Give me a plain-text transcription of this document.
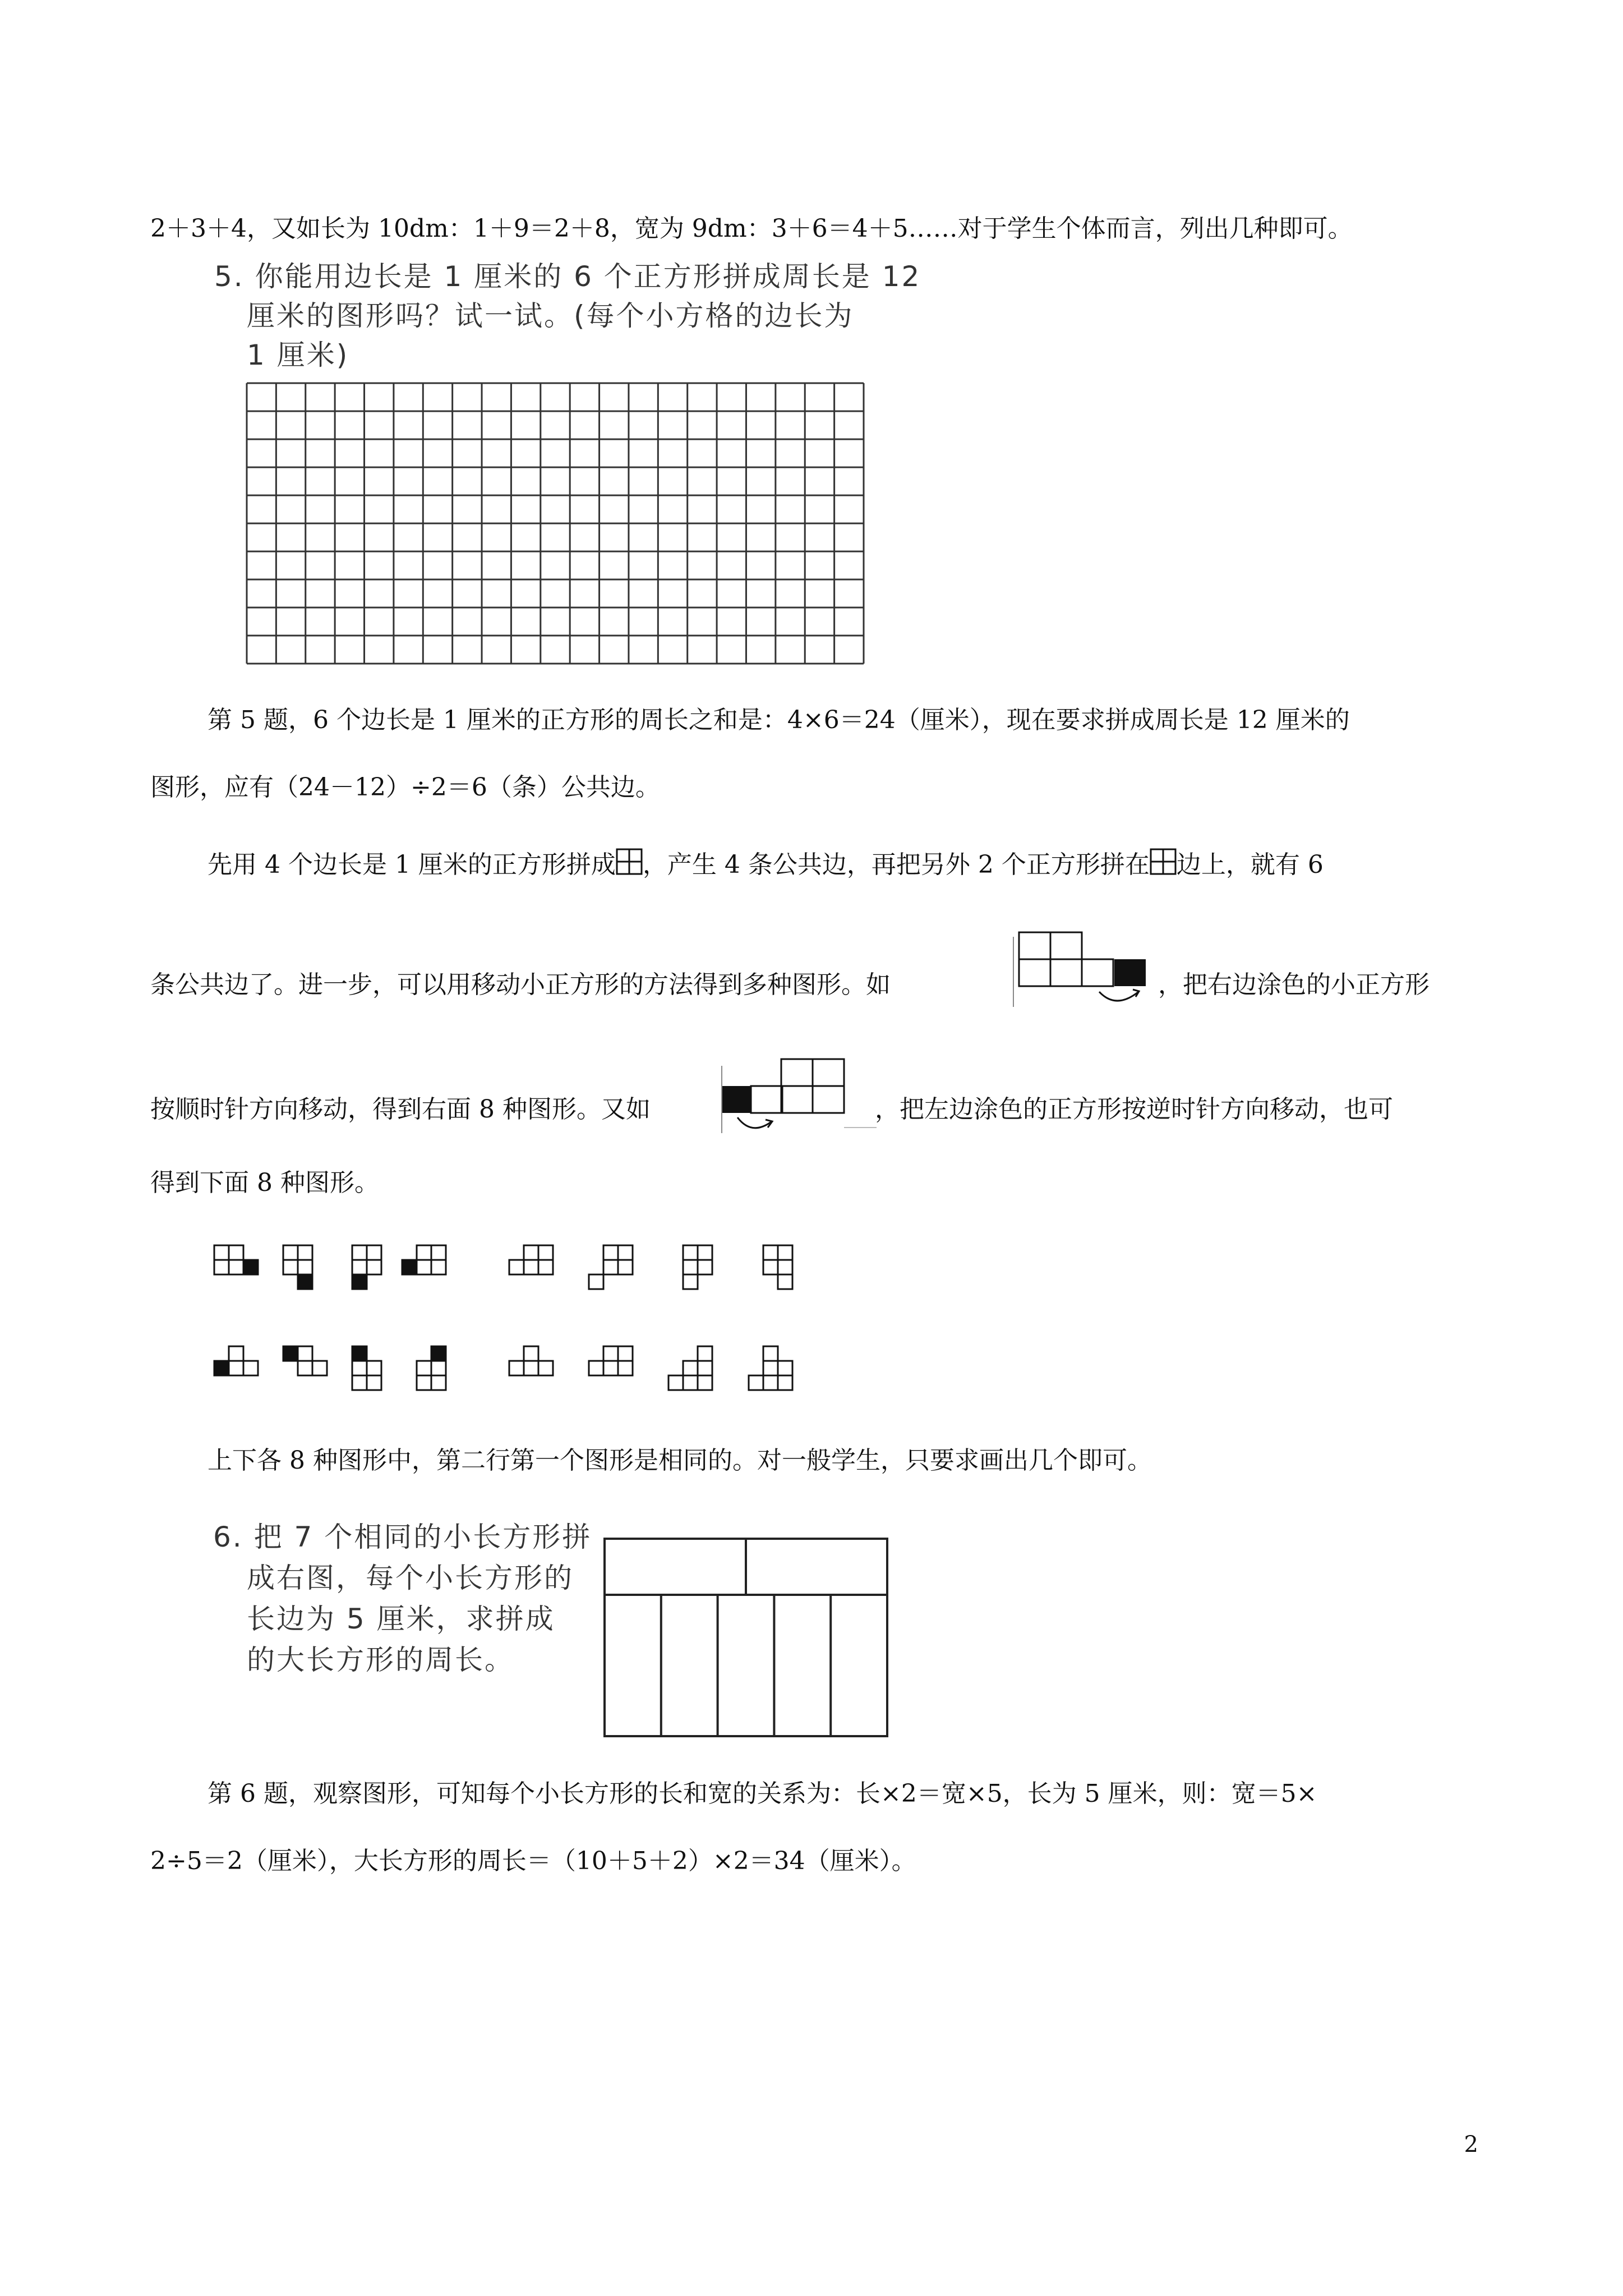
2＋3＋4，又如长为 10dm：1＋9＝2＋8，宽为 9dm：3＋6＝4＋5……对于学生个体而言，列出几种即可。
5. 你能用边长是 1 厘米的 6 个正方形拼成周长是 12
厘米的图形吗？试一试。(每个小方格的边长为
1 厘米)
第 5 题，6 个边长是 1 厘米的正方形的周长之和是：4×6＝24（厘米），现在要求拼成周长是 12 厘米的
图形，应有（24－12）÷2＝6（条）公共边。
先用 4 个边长是 1 厘米的正方形拼成 ，产生 4 条公共边，再把另外 2 个正方形拼在 边上，就有 6
条公共边了。进一步，可以用移动小正方形的方法得到多种图形。如	，把右边涂色的小正方形
按顺时针方向移动，得到右面 8 种图形。又如	，把左边涂色的正方形按逆时针方向移动，也可
得到下面 8 种图形。
上下各 8 种图形中，第二行第一个图形是相同的。对一般学生，只要求画出几个即可。
6. 把 7 个相同的小长方形拼
成右图，每个小长方形的
长边为 5 厘米，求拼成
的大长方形的周长。
第 6 题，观察图形，可知每个小长方形的长和宽的关系为：长×2＝宽×5，长为 5 厘米，则：宽＝5×
2÷5＝2（厘米），大长方形的周长＝（10＋5＋2）×2＝34（厘米）。
2
